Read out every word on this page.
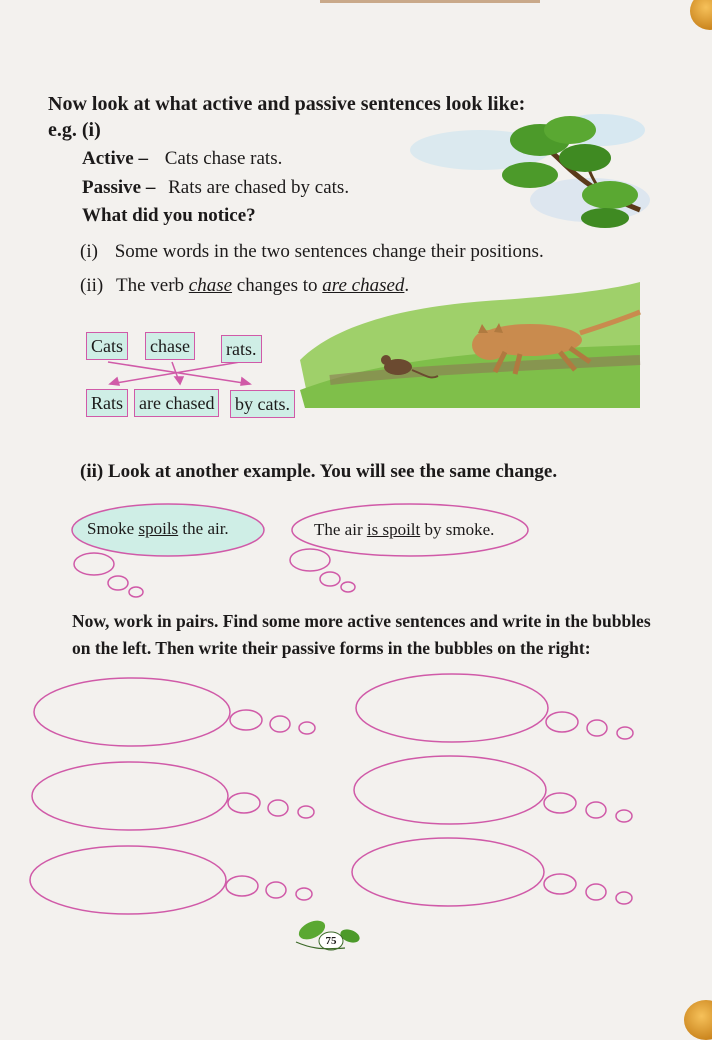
Now look at what active and passive sentences look like:
e.g. (i)
Active – Cats chase rats.
Passive – Rats are chased by cats.
What did you notice?
(i) Some words in the two sentences change their positions.
(ii) The verb chase changes to are chased.
Cats chase rats.
Rats are chased by cats.
(ii) Look at another example. You will see the same change.
Smoke spoils the air.	The air is spoilt by smoke.
Now, work in pairs. Find some more active sentences and write in the bubbles
on the left. Then write their passive forms in the bubbles on the right:
75
